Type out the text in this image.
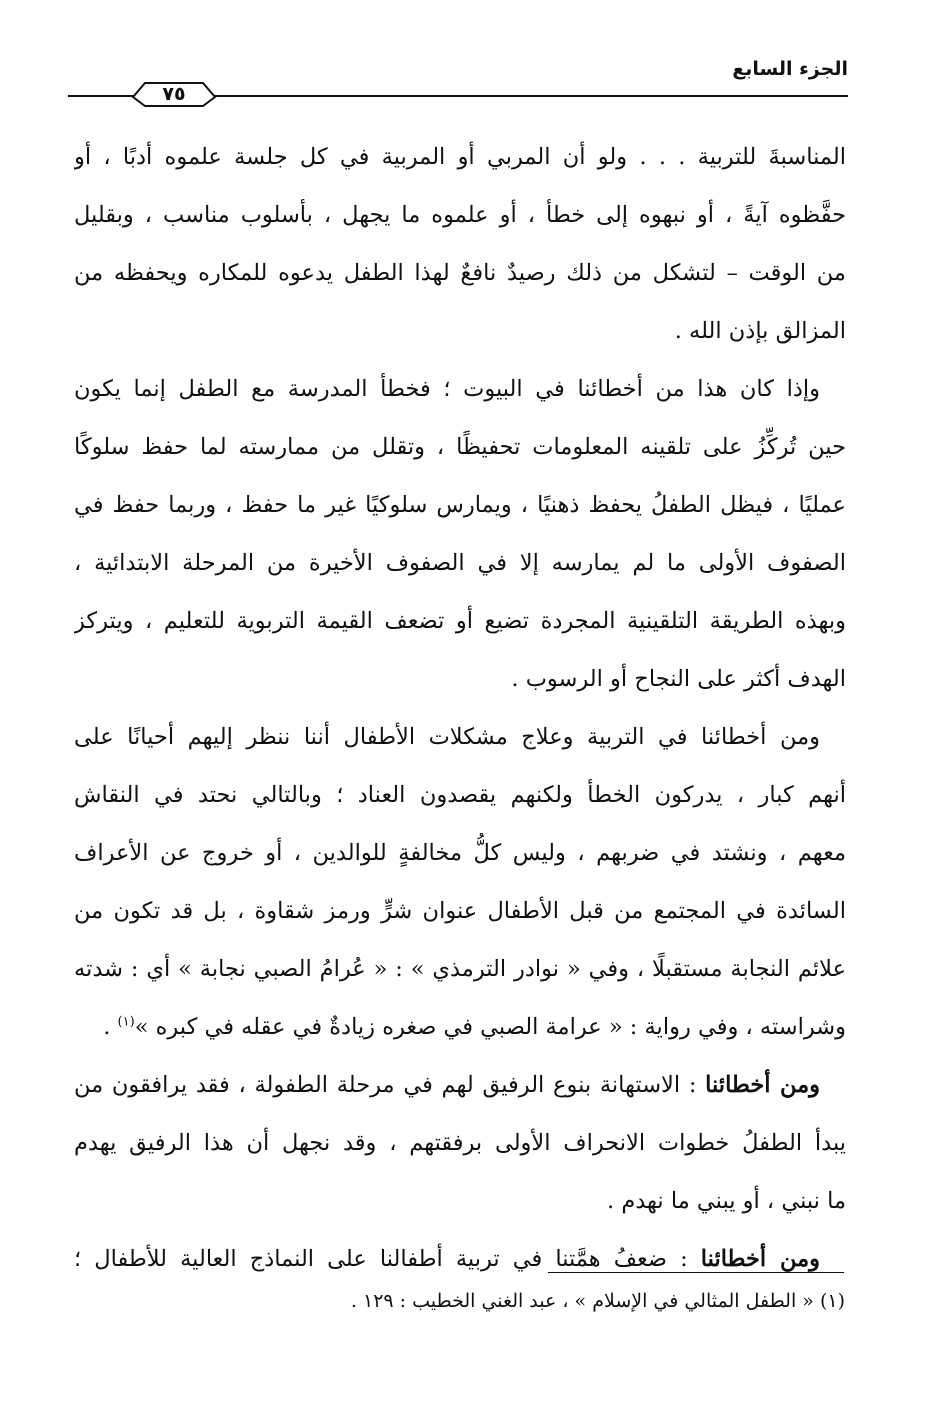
الجزء السابع
٧٥
المناسبةَ للتربية . . . ولو أن المربي أو المربية في كل جلسة علموه أدبًا ، أو
حفَّظوه آيةً ، أو نبهوه إلى خطأ ، أو علموه ما يجهل ، بأسلوب مناسب ، وبقليل
من الوقت – لتشكل من ذلك رصيدٌ نافعٌ لهذا الطفل يدعوه للمكاره ويحفظه من
المزالق بإذن الله .
وإذا كان هذا من أخطائنا في البيوت ؛ فخطأ المدرسة مع الطفل إنما يكون
حين تُركِّزُ على تلقينه المعلومات تحفيظًا ، وتقلل من ممارسته لما حفظ سلوكًا
عمليًا ، فيظل الطفلُ يحفظ ذهنيًا ، ويمارس سلوكيًا غير ما حفظ ، وربما حفظ في
الصفوف الأولى ما لم يمارسه إلا في الصفوف الأخيرة من المرحلة الابتدائية ،
وبهذه الطريقة التلقينية المجردة تضيع أو تضعف القيمة التربوية للتعليم ، ويتركز
الهدف أكثر على النجاح أو الرسوب .
ومن أخطائنا في التربية وعلاج مشكلات الأطفال أننا ننظر إليهم أحيانًا على
أنهم كبار ، يدركون الخطأ ولكنهم يقصدون العناد ؛ وبالتالي نحتد في النقاش
معهم ، ونشتد في ضربهم ، وليس كلُّ مخالفةٍ للوالدين ، أو خروج عن الأعراف
السائدة في المجتمع من قبل الأطفال عنوان شرٍّ ورمز شقاوة ، بل قد تكون من
علائم النجابة مستقبلًا ، وفي « نوادر الترمذي » : « عُرامُ الصبي نجابة » أي : شدته
وشراسته ، وفي رواية : « عرامة الصبي في صغره زيادةٌ في عقله في كبره »$^{(١)}$ .
ومن أخطائنا : الاستهانة بنوع الرفيق لهم في مرحلة الطفولة ، فقد يرافقون من
يبدأ الطفلُ خطوات الانحراف الأولى برفقتهم ، وقد نجهل أن هذا الرفيق يهدم
ما نبني ، أو يبني ما نهدم .
ومن أخطائنا : ضعفُ همَّتنا في تربية أطفالنا على النماذج العالية للأطفال ؛
(١) « الطفل المثالي في الإسلام » ، عبد الغني الخطيب : ١٢٩ .
